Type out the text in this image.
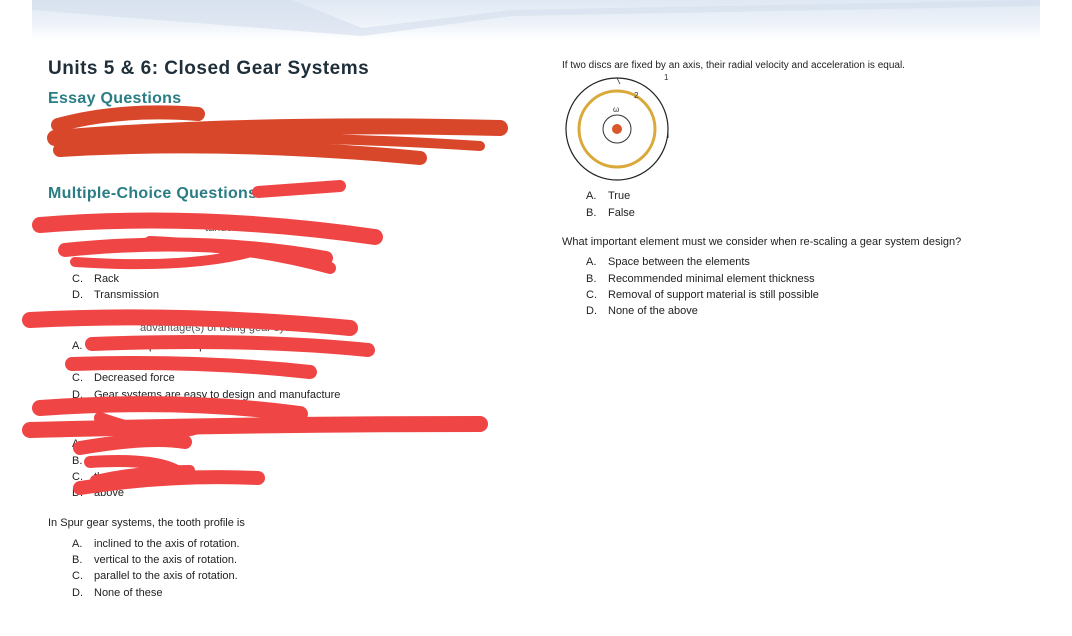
Units 5 & 6: Closed Gear Systems
Essay Questions
Multiple-Choice Questions
tandem are called what?
A. Torque
B. Cog
C. Rack
D. Transmission
advantage(s) of using gear systems
A. Gear teeth prevent slip
B. can create great
C. Decreased force
D. Gear systems are easy to design and manufacture
A. sed
B. De
C. the same
D. above
In Spur gear systems, the tooth profile is
A. inclined to the axis of rotation.
B. vertical to the axis of rotation.
C. parallel to the axis of rotation.
D. None of these
If two discs are fixed by an axis, their radial velocity and acceleration is equal.
1
2
ω
A. True
B. False
What important element must we consider when re-scaling a gear system design?
A. Space between the elements
B. Recommended minimal element thickness
C. Removal of support material is still possible
D. None of the above
